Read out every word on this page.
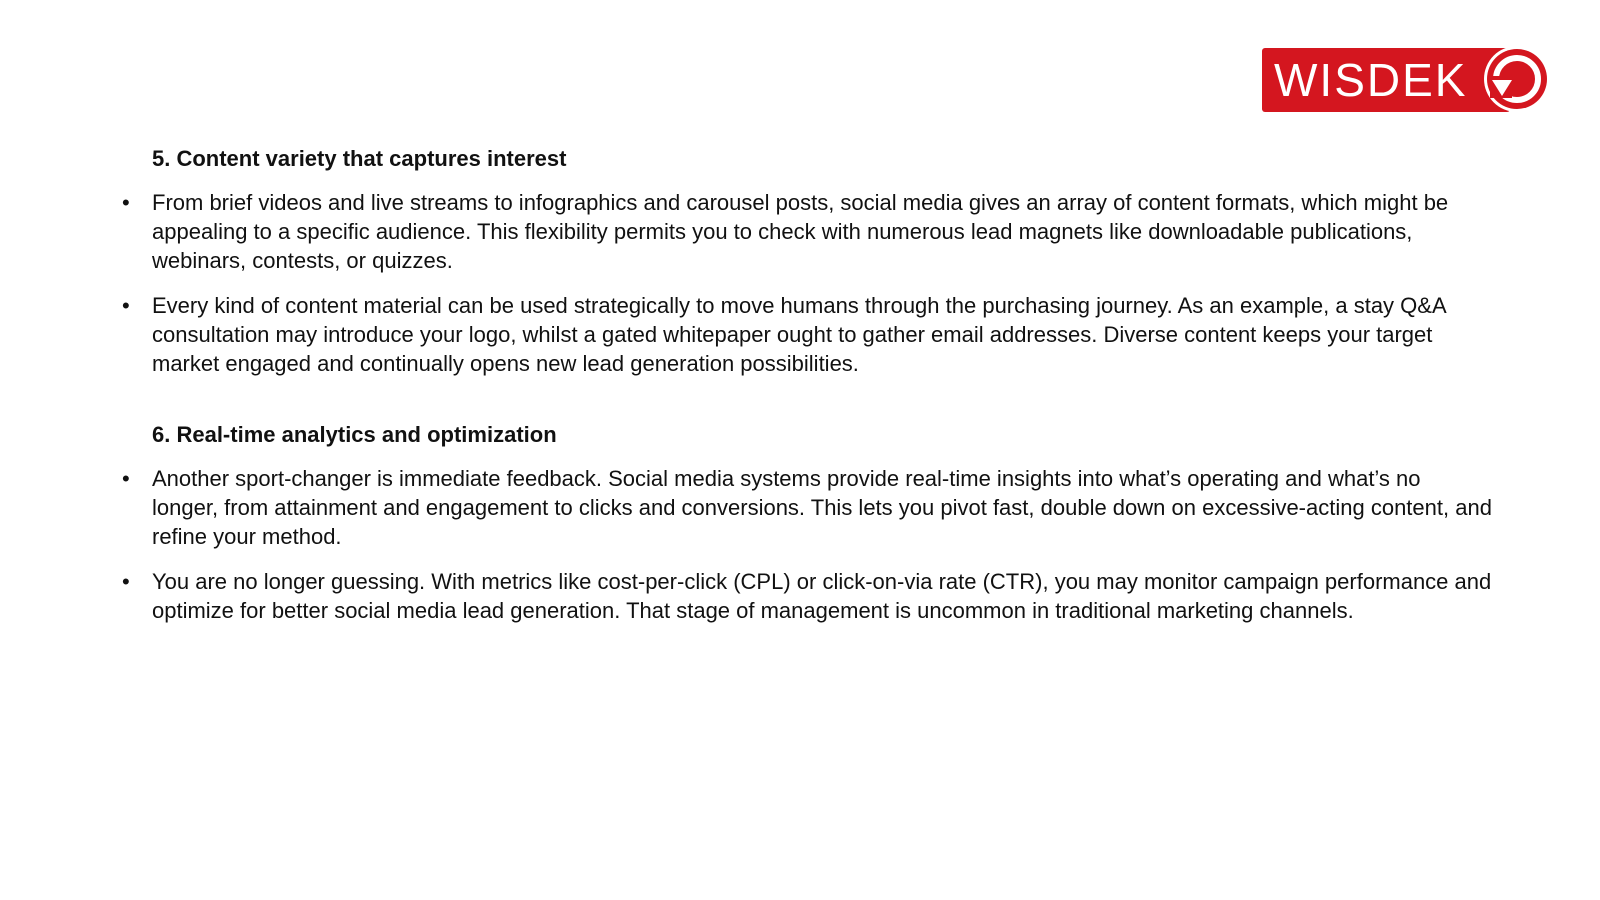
WISDEK
5. Content variety that captures interest
• From brief videos and live streams to infographics and carousel posts, social media gives an array of content formats, which might be appealing to a specific audience. This flexibility permits you to check with numerous lead magnets like downloadable publications, webinars, contests, or quizzes.
• Every kind of content material can be used strategically to move humans through the purchasing journey. As an example, a stay Q&A consultation may introduce your logo, whilst a gated whitepaper ought to gather email addresses. Diverse content keeps your target market engaged and continually opens new lead generation possibilities.
6. Real-time analytics and optimization
• Another sport-changer is immediate feedback. Social media systems provide real-time insights into what’s operating and what’s no longer, from attainment and engagement to clicks and conversions. This lets you pivot fast, double down on excessive-acting content, and refine your method.
• You are no longer guessing. With metrics like cost-per-click (CPL) or click-on-via rate (CTR), you may monitor campaign performance and optimize for better social media lead generation. That stage of management is uncommon in traditional marketing channels.
